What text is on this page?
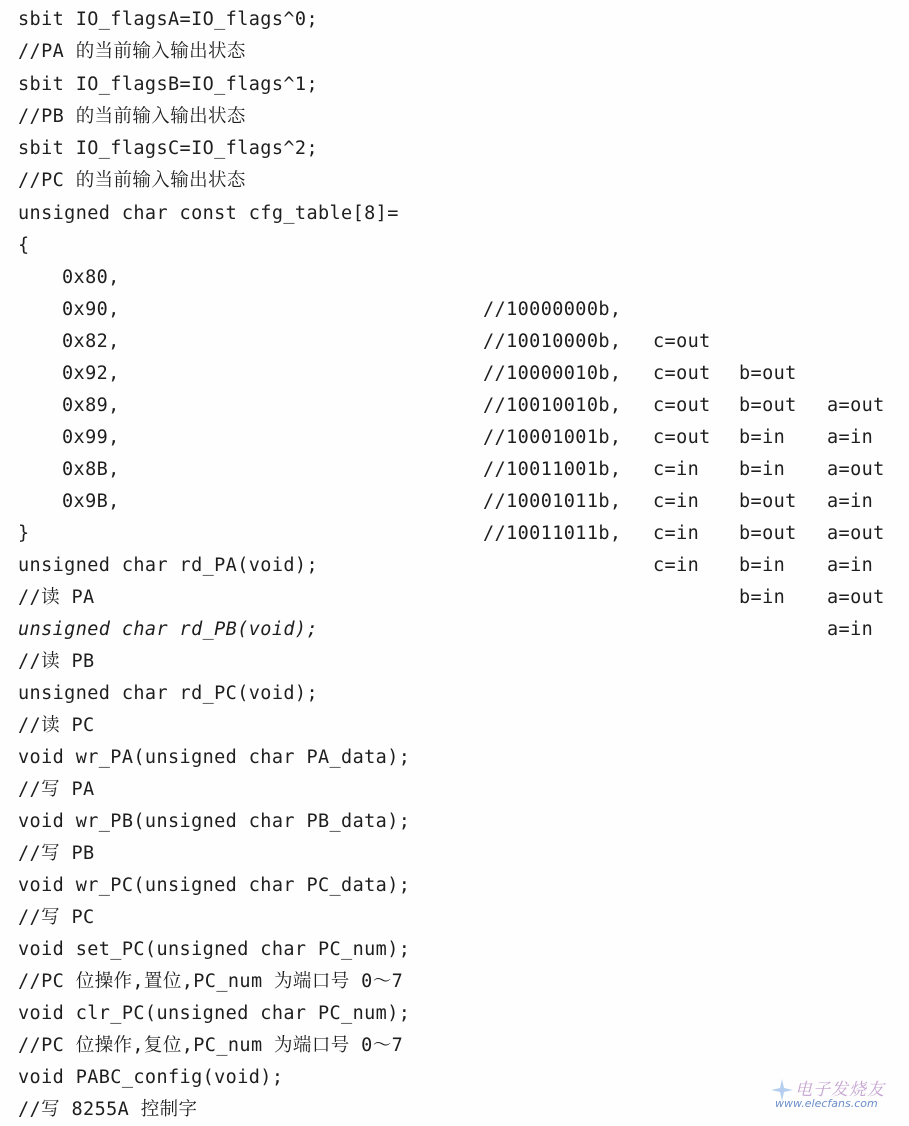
sbit IO_flagsA=IO_flags^0;
//PA 的当前输入输出状态
sbit IO_flagsB=IO_flags^1;
//PB 的当前输入输出状态
sbit IO_flagsC=IO_flags^2;
//PC 的当前输入输出状态
unsigned char const cfg_table[8]=
{
0x80,

//10000000b,

c=out

b=out

a=out

0x90,

//10010000b,

c=out

b=out

a=in

0x82,

//10000010b,

c=out

b=in

a=out

0x92,

//10010010b,

c=out

b=in

a=in

0x89,

//10001001b,

c=in

b=out

a=out

0x99,

//10011001b,

c=in

b=out

a=in

0x8B,

//10001011b,

c=in

b=in

a=out

0x9B,

//10011011b,

c=in

b=in

a=in

}
unsigned char rd_PA(void);
//读 PA
unsigned char rd_PB(void);
//读 PB
unsigned char rd_PC(void);
//读 PC
void wr_PA(unsigned char PA_data);
//写 PA
void wr_PB(unsigned char PB_data);
//写 PB
void wr_PC(unsigned char PC_data);
//写 PC
void set_PC(unsigned char PC_num);
//PC 位操作,置位,PC_num 为端口号 0～7
void clr_PC(unsigned char PC_num);
//PC 位操作,复位,PC_num 为端口号 0～7
void PABC_config(void);
//写 8255A 控制字
电子发烧友
www.elecfans.com
